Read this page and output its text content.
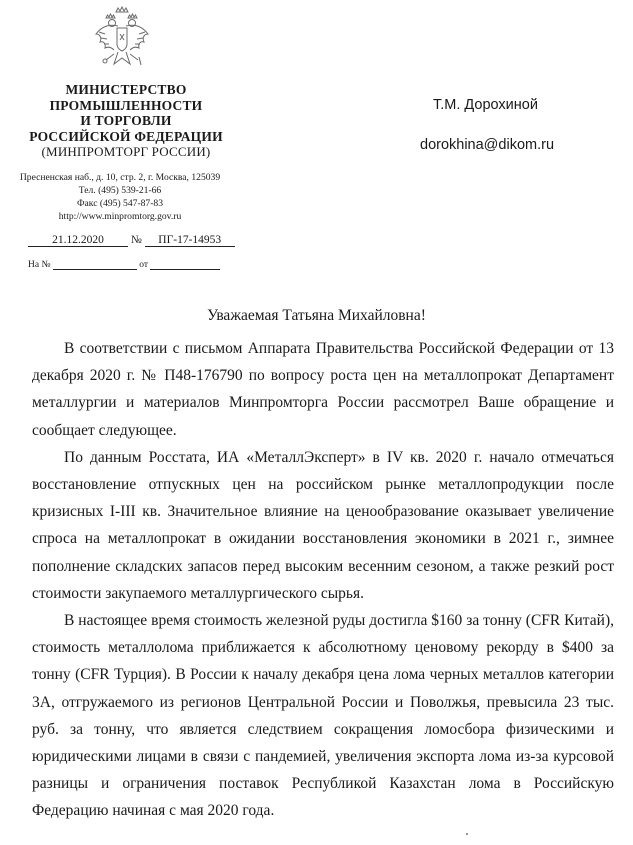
МИНИСТЕРСТВО
ПРОМЫШЛЕННОСТИ
И ТОРГОВЛИ
РОССИЙСКОЙ ФЕДЕРАЦИИ
(МИНПРОМТОРГ РОССИИ)
Пресненская наб., д. 10, стр. 2, г. Москва, 125039
Тел. (495) 539-21-66
Факс (495) 547-87-83
http://www.minpromtorg.gov.ru
21.12.2020 № ПГ-17-14953
На №	от
Т.М. Дорохиной
dorokhina@dikom.ru
Уважаемая Татьяна Михайловна!

В соответствии с письмом Аппарата Правительства Российской Федерации от 13 декабря 2020 г. № П48-176790 по вопросу роста цен на металлопрокат Департамент металлургии и материалов Минпромторга России рассмотрел Ваше обращение и сообщает следующее.

По данным Росстата, ИА «МеталлЭксперт» в IV кв. 2020 г. начало отмечаться восстановление отпускных цен на российском рынке металлопродукции после кризисных I-III кв. Значительное влияние на ценообразование оказывает увеличение спроса на металлопрокат в ожидании восстановления экономики в 2021 г., зимнее пополнение складских запасов перед высоким весенним сезоном, а также резкий рост стоимости закупаемого металлургического сырья.

В настоящее время стоимость железной руды достигла $160 за тонну (CFR Китай), стоимость металлолома приближается к абсолютному ценовому рекорду в $400 за тонну (CFR Турция). В России к началу декабря цена лома черных металлов категории 3А, отгружаемого из регионов Центральной России и Поволжья, превысила 23 тыс. руб. за тонну, что является следствием сокращения ломосбора физическими и юридическими лицами в связи с пандемией, увеличения экспорта лома из-за курсовой разницы и ограничения поставок Республикой Казахстан лома в Российскую Федерацию начиная с мая 2020 года.
